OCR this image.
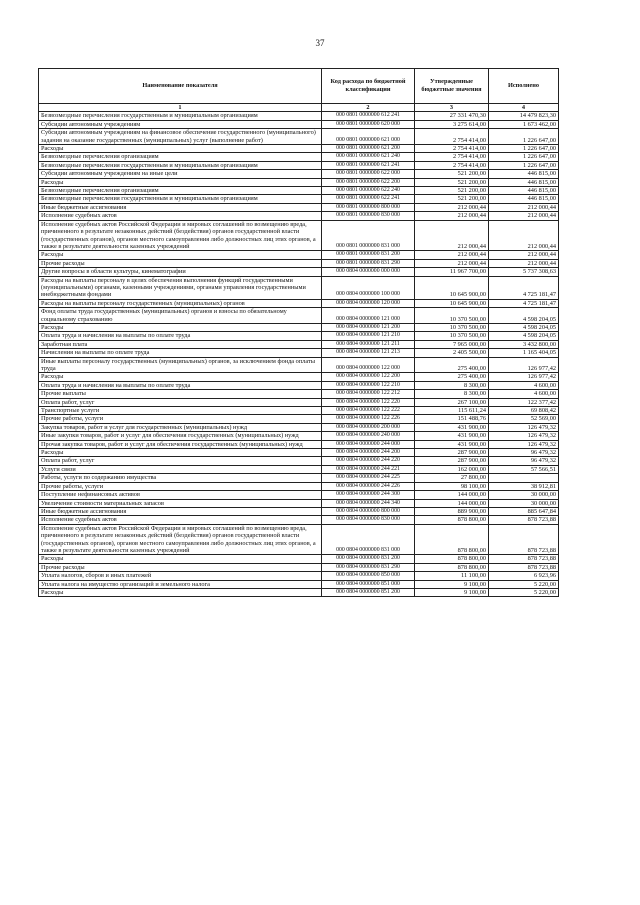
37
Наименование показателя	Код расхода по бюджетной классификации	Утвержденные бюджетные значения	Исполнено
1	2	3	4
Безвозмездные перечисления государственным и муниципальным организациям	000 0801 0000000 612 241	27 331 470,30	14 479 823,30
Субсидии автономным учреждениям	000 0801 0000000 620 000	3 275 614,00	1 673 462,00
Субсидии автономным учреждениям на финансовое обеспечение государственного (муниципального) задания на оказание государственных (муниципальных) услуг (выполнение работ)	000 0801 0000000 621 000	2 754 414,00	1 226 647,00
Расходы	000 0801 0000000 621 200	2 754 414,00	1 226 647,00
Безвозмездные перечисления организациям	000 0801 0000000 621 240	2 754 414,00	1 226 647,00
Безвозмездные перечисления государственным и муниципальным организациям	000 0801 0000000 621 241	2 754 414,00	1 226 647,00
Субсидии автономным учреждениям на иные цели	000 0801 0000000 622 000	521 200,00	446 815,00
Расходы	000 0801 0000000 622 200	521 200,00	446 815,00
Безвозмездные перечисления организациям	000 0801 0000000 622 240	521 200,00	446 815,00
Безвозмездные перечисления государственным и муниципальным организациям	000 0801 0000000 622 241	521 200,00	446 815,00
Иные бюджетные ассигнования	000 0801 0000000 800 000	212 000,44	212 000,44
Исполнение судебных актов	000 0801 0000000 830 000	212 000,44	212 000,44
Исполнение судебных актов Российской Федерации и мировых соглашений по возмещению вреда, причиненного в результате незаконных действий (бездействия) органов государственной власти (государственных органов), органов местного самоуправления либо должностных лиц этих органов, а также в результате деятельности казенных учреждений	000 0801 0000000 831 000	212 000,44	212 000,44
Расходы	000 0801 0000000 831 200	212 000,44	212 000,44
Прочие расходы	000 0801 0000000 831 290	212 000,44	212 000,44
Другие вопросы в области культуры, кинематографии	000 0804 0000000 000 000	11 967 700,00	5 737 308,63
Расходы на выплаты персоналу в целях обеспечения выполнения функций государственными (муниципальными) органами, казенными учреждениями, органами управления государственными внебюджетными фондами	000 0804 0000000 100 000	10 645 900,00	4 725 181,47
Расходы на выплаты персоналу государственных (муниципальных) органов	000 0804 0000000 120 000	10 645 900,00	4 725 181,47
Фонд оплаты труда государственных (муниципальных) органов и взносы по обязательному социальному страхованию	000 0804 0000000 121 000	10 370 500,00	4 598 204,05
Расходы	000 0804 0000000 121 200	10 370 500,00	4 598 204,05
Оплата труда и начисления на выплаты по оплате труда	000 0804 0000000 121 210	10 370 500,00	4 598 204,05
Заработная плата	000 0804 0000000 121 211	7 965 000,00	3 432 800,00
Начисления на выплаты по оплате труда	000 0804 0000000 121 213	2 405 500,00	1 165 404,05
Иные выплаты персоналу государственных (муниципальных) органов, за исключением фонда оплаты труда	000 0804 0000000 122 000	275 400,00	126 977,42
Расходы	000 0804 0000000 122 200	275 400,00	126 977,42
Оплата труда и начисления на выплаты по оплате труда	000 0804 0000000 122 210	8 300,00	4 600,00
Прочие выплаты	000 0804 0000000 122 212	8 300,00	4 600,00
Оплата работ, услуг	000 0804 0000000 122 220	267 100,00	122 377,42
Транспортные услуги	000 0804 0000000 122 222	115 611,24	69 808,42
Прочие работы, услуги	000 0804 0000000 122 226	151 488,76	52 569,00
Закупка товаров, работ и услуг для государственных (муниципальных) нужд	000 0804 0000000 200 000	431 900,00	126 479,32
Иные закупки товаров, работ и услуг для обеспечения государственных (муниципальных) нужд	000 0804 0000000 240 000	431 900,00	126 479,32
Прочая закупка товаров, работ и услуг для обеспечения государственных (муниципальных) нужд	000 0804 0000000 244 000	431 900,00	126 479,32
Расходы	000 0804 0000000 244 200	287 900,00	96 479,32
Оплата работ, услуг	000 0804 0000000 244 220	287 900,00	96 479,32
Услуги связи	000 0804 0000000 244 221	162 000,00	57 566,51
Работы, услуги по содержанию имущества	000 0804 0000000 244 225	27 800,00	
Прочие работы, услуги	000 0804 0000000 244 226	98 100,00	38 912,81
Поступление нефинансовых активов	000 0804 0000000 244 300	144 000,00	30 000,00
Увеличение стоимости материальных запасов	000 0804 0000000 244 340	144 000,00	30 000,00
Иные бюджетные ассигнования	000 0804 0000000 800 000	889 900,00	885 647,84
Исполнение судебных актов	000 0804 0000000 830 000	878 800,00	878 723,88
Исполнение судебных актов Российской Федерации и мировых соглашений по возмещению вреда, причиненного в результате незаконных действий (бездействия) органов государственной власти (государственных органов), органов местного самоуправления либо должностных лиц этих органов, а также в результате деятельности казенных учреждений	000 0804 0000000 831 000	878 800,00	878 723,88
Расходы	000 0804 0000000 831 200	878 800,00	878 723,88
Прочие расходы	000 0804 0000000 831 290	878 800,00	878 723,88
Уплата налогов, сборов и иных платежей	000 0804 0000000 850 000	11 100,00	6 923,96
Уплата налога на имущество организаций и земельного налога	000 0804 0000000 851 000	9 100,00	5 220,00
Расходы	000 0804 0000000 851 200	9 100,00	5 220,00
